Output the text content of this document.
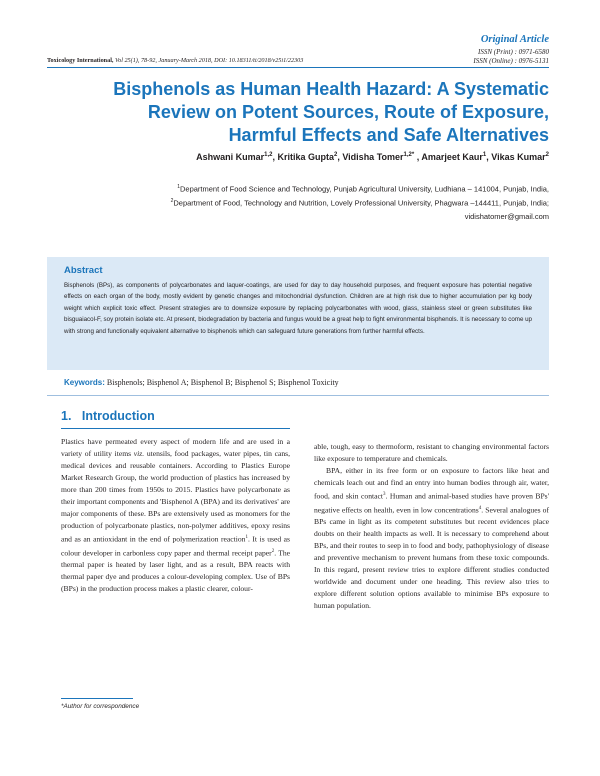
Original Article
ISSN (Print) : 0971-6580
ISSN (Online) : 0976-5131
Toxicology International, Vol 25(1), 78-92, January-March 2018, DOI: 10.18311/ti/2018/v25i1/22303
Bisphenols as Human Health Hazard: A Systematic
Review on Potent Sources, Route of Exposure,
Harmful Effects and Safe Alternatives
Ashwani Kumar$^{1,2}$, Kritika Gupta$^2$, Vidisha Tomer$^{1,2*}$ , Amarjeet Kaur$^1$, Vikas Kumar$^2$
$^1$Department of Food Science and Technology, Punjab Agricultural University, Ludhiana – 141004, Punjab, India,
$^2$Department of Food, Technology and Nutrition, Lovely Professional University, Phagwara –144411, Punjab, India;
vidishatomer@gmail.com
Abstract

Bisphenols (BPs), as components of polycarbonates and laquer-coatings, are used for day to day household purposes, and frequent exposure has potential negative effects on each organ of the body, mostly evident by genetic changes and mitochondrial dysfunction. Children are at high risk due to higher accumulation per kg body weight which explicit toxic effect. Present strategies are to downsize exposure by replacing polycarbonates with wood, glass, stainless steel or green substitutes like bisguaiacol-F, soy protein isolate etc. At present, biodegradation by bacteria and fungus would be a great help to fight environmental bisphenols. It is necessary to come up with strong and functionally equivalent alternative to bisphenols which can safeguard future generations from further harmful effects.

Keywords: Bisphenols; Bisphenol A; Bisphenol B; Bisphenol S; Bisphenol Toxicity
1. Introduction

Plastics have permeated every aspect of modern life and are used in a variety of utility items viz. utensils, food packages, water pipes, tin cans, medical devices and reusable containers. According to Plastics Europe Market Research Group, the world production of plastics has increased by more than 200 times from 1950s to 2015. Plastics have polycarbonate as their important components and 'Bisphenol A (BPA) and its derivatives' are major components of these. BPs are extensively used as monomers for the production of polycarbonate plastics, non-polymer additives, epoxy resins and as an antioxidant in the end of polymerization reaction$^1$. It is used as colour developer in carbonless copy paper and thermal receipt paper$^2$. The thermal paper is heated by laser light, and as a result, BPA reacts with thermal paper dye and produces a colour-developing complex. Use of BPs (BPs) in the production process makes a plastic clearer, colour-

able, tough, easy to thermoform, resistant to changing environmental factors like exposure to temperature and chemicals.

BPA, either in its free form or on exposure to factors like heat and chemicals leach out and find an entry into human bodies through air, water, food, and skin contact$^3$. Human and animal-based studies have proven BPs' negative effects on health, even in low concentrations$^4$. Several analogues of BPs came in light as its competent substitutes but recent evidences place doubts on their health impacts as well. It is necessary to comprehend about BPs, and their routes to seep in to food and body, pathophysiology of disease and preventive mechanism to prevent humans from these toxic compounds. In this regard, present review tries to explore different studies conducted worldwide and document under one heading. This review also tries to explore different solution options available to minimise BPs exposure to human population.

*Author for correspondence
